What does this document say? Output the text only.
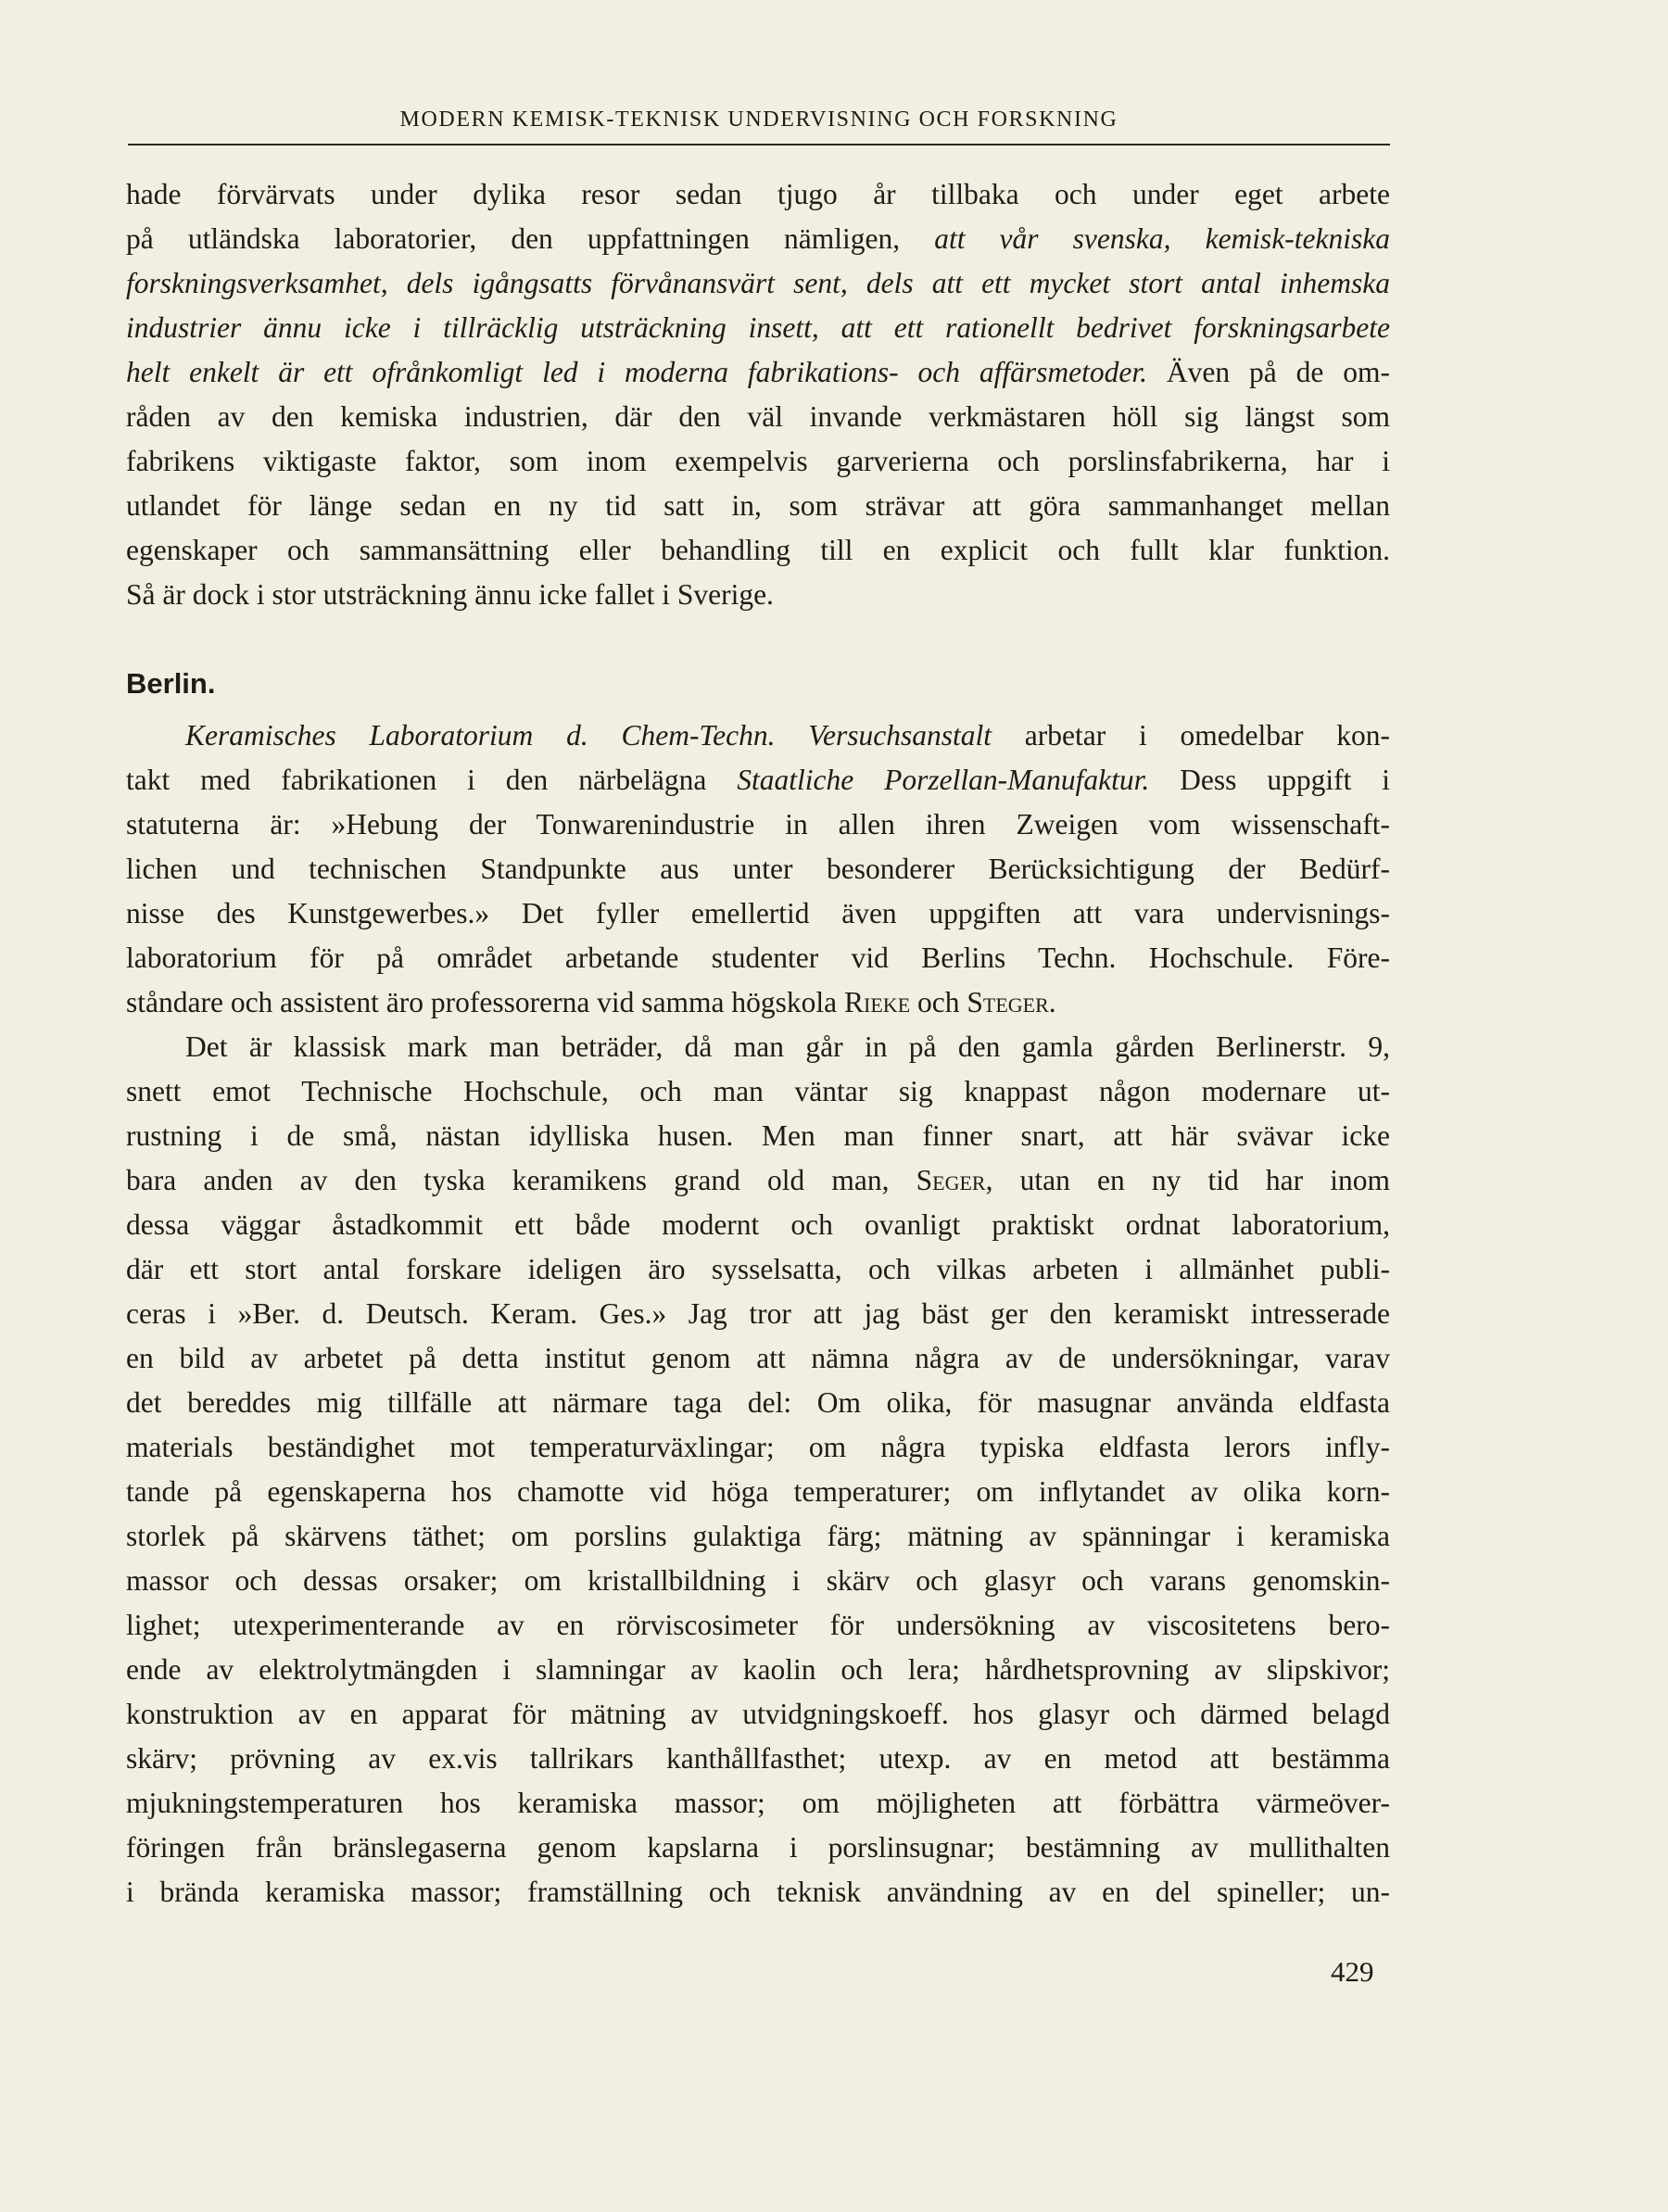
MODERN KEMISK-TEKNISK UNDERVISNING OCH FORSKNING
hade förvärvats under dylika resor sedan tjugo år tillbaka och under eget arbete
på utländska laboratorier, den uppfattningen nämligen, att vår svenska, kemisk-tekniska
forskningsverksamhet, dels igångsatts förvånansvärt sent, dels att ett mycket stort antal inhemska
industrier ännu icke i tillräcklig utsträckning insett, att ett rationellt bedrivet forskningsarbete
helt enkelt är ett ofrånkomligt led i moderna fabrikations- och affärsmetoder. Även på de om-
råden av den kemiska industrien, där den väl invande verkmästaren höll sig längst som
fabrikens viktigaste faktor, som inom exempelvis garverierna och porslinsfabrikerna, har i
utlandet för länge sedan en ny tid satt in, som strävar att göra sammanhanget mellan
egenskaper och sammansättning eller behandling till en explicit och fullt klar funktion.
Så är dock i stor utsträckning ännu icke fallet i Sverige.
Berlin.
Keramisches Laboratorium d. Chem-Techn. Versuchsanstalt arbetar i omedelbar kon-
takt med fabrikationen i den närbelägna Staatliche Porzellan-Manufaktur. Dess uppgift i
statuterna är: »Hebung der Tonwarenindustrie in allen ihren Zweigen vom wissenschaft-
lichen und technischen Standpunkte aus unter besonderer Berücksichtigung der Bedürf-
nisse des Kunstgewerbes.» Det fyller emellertid även uppgiften att vara undervisnings-
laboratorium för på området arbetande studenter vid Berlins Techn. Hochschule. Före-
ståndare och assistent äro professorerna vid samma högskola Rieke och Steger.
Det är klassisk mark man beträder, då man går in på den gamla gården Berlinerstr. 9,
snett emot Technische Hochschule, och man väntar sig knappast någon modernare ut-
rustning i de små, nästan idylliska husen. Men man finner snart, att här svävar icke
bara anden av den tyska keramikens grand old man, Seger, utan en ny tid har inom
dessa väggar åstadkommit ett både modernt och ovanligt praktiskt ordnat laboratorium,
där ett stort antal forskare ideligen äro sysselsatta, och vilkas arbeten i allmänhet publi-
ceras i »Ber. d. Deutsch. Keram. Ges.» Jag tror att jag bäst ger den keramiskt intresserade
en bild av arbetet på detta institut genom att nämna några av de undersökningar, varav
det bereddes mig tillfälle att närmare taga del: Om olika, för masugnar använda eldfasta
materials beständighet mot temperaturväxlingar; om några typiska eldfasta lerors infly-
tande på egenskaperna hos chamotte vid höga temperaturer; om inflytandet av olika korn-
storlek på skärvens täthet; om porslins gulaktiga färg; mätning av spänningar i keramiska
massor och dessas orsaker; om kristallbildning i skärv och glasyr och varans genomskin-
lighet; utexperimenterande av en rörviscosimeter för undersökning av viscositetens bero-
ende av elektrolytmängden i slamningar av kaolin och lera; hårdhetsprovning av slipskivor;
konstruktion av en apparat för mätning av utvidgningskoeff. hos glasyr och därmed belagd
skärv; prövning av ex.vis tallrikars kanthållfasthet; utexp. av en metod att bestämma
mjukningstemperaturen hos keramiska massor; om möjligheten att förbättra värmeöver-
föringen från bränslegaserna genom kapslarna i porslinsugnar; bestämning av mullithalten
i brända keramiska massor; framställning och teknisk användning av en del spineller; un-
429
